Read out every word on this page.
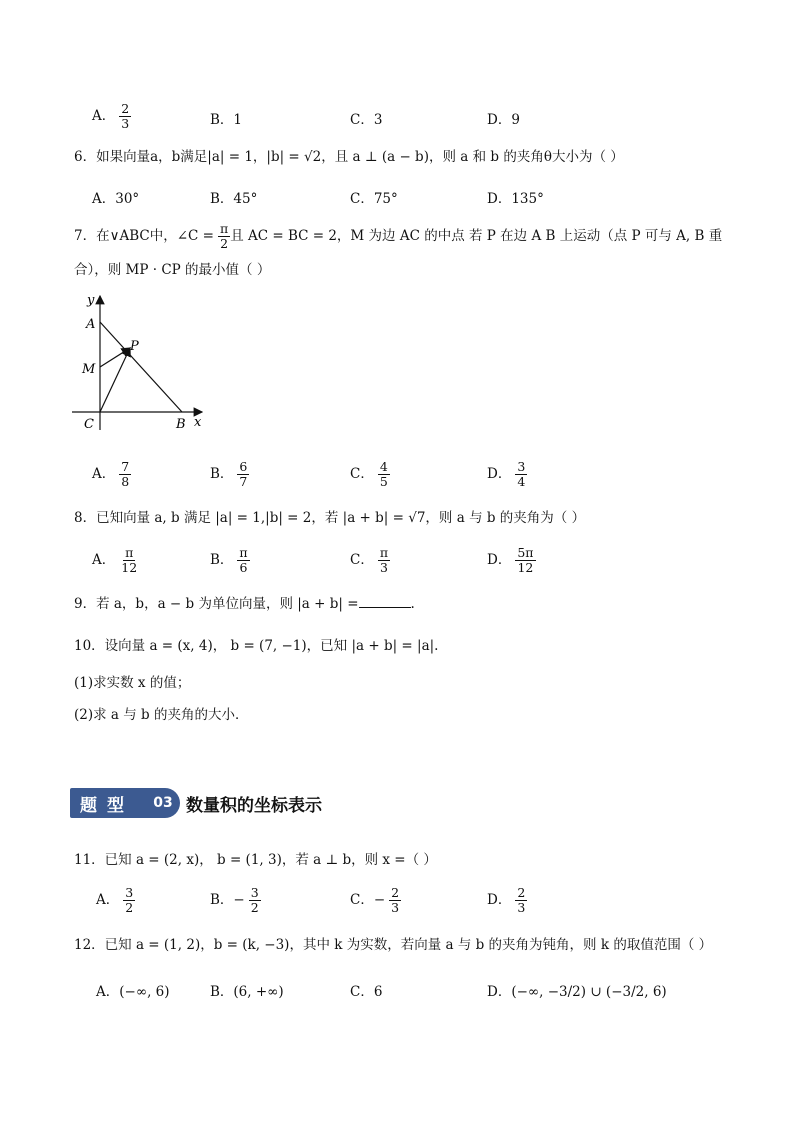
A． $\frac{2}{3}$	B．1	C．3	D．9
6．如果向量a，b满足|a| = 1，|b| = √2，且 a ⊥ (a − b)，则 a 和 b 的夹角θ大小为（ ）
A．30°	B．45°	C．75°	D．135°
7．在∨ABC中，∠C = $\frac{\pi}{2}$ 且 AC = BC = 2，M 为边 AC 的中点 若 P 在边 A B 上运动（点 P 可与 A, B 重
合），则 MP · CP 的最小值（ ）
y
A
M
P
C	B x
A． $\frac{7}{8}$	B． $\frac{6}{7}$	C． $\frac{4}{5}$	D． $\frac{3}{4}$
8．已知向量 a, b 满足 |a| = 1,|b| = 2，若 |a + b| = √7，则 a 与 b 的夹角为（ ）
A． $\frac{\pi}{12}$	B． $\frac{\pi}{6}$	C． $\frac{\pi}{3}$	D． $\frac{5\pi}{12}$
9．若 a，b，a − b 为单位向量，则 |a + b| =	.
10．设向量 a = (x, 4)， b = (7, −1)，已知 |a + b| = |a|.
(1)求实数 x 的值；
(2)求 a 与 b 的夹角的大小．
题型	03 数量积的坐标表示
11．已知 a = (2, x)， b = (1, 3)，若 a ⊥ b，则 x =（ ）
A． $\frac{3}{2}$	B．− $\frac{3}{2}$	C．− $\frac{2}{3}$	D． $\frac{2}{3}$
12．已知 a = (1, 2)，b = (k, −3)，其中 k 为实数，若向量 a 与 b 的夹角为钝角，则 k 的取值范围（ ）
A．(−∞, 6)	B．(6, +∞)	C．6	D．(−∞, −3/2) ∪ (−3/2, 6)
